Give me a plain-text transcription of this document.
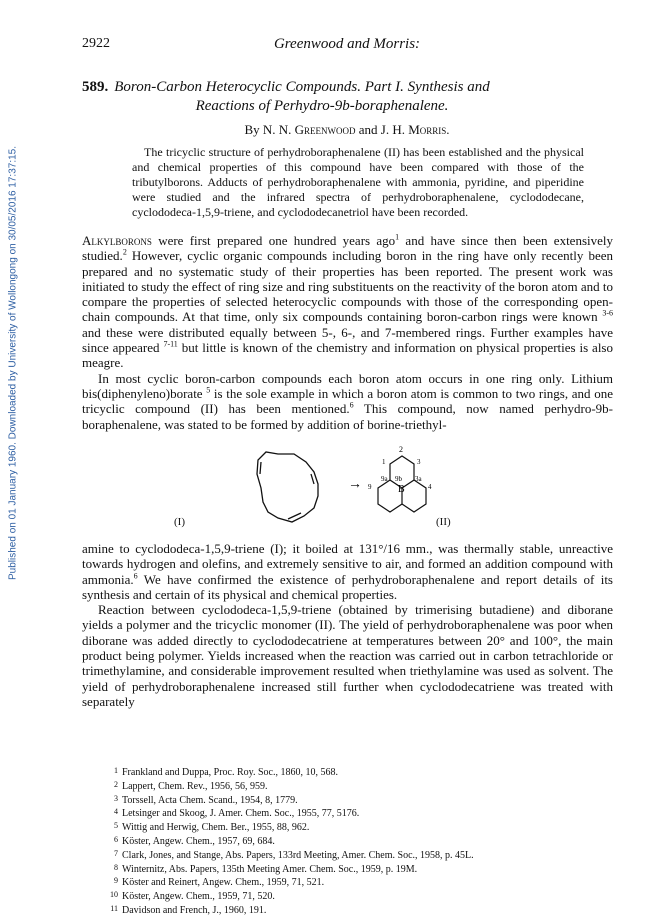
Published on 01 January 1960. Downloaded by University of Wollongong on 30/05/2016 17:37:15.
2922	Greenwood and Morris:
589. Boron-Carbon Heterocyclic Compounds. Part I. Synthesis and
Reactions of Perhydro-9b-boraphenalene.
By N. N. Greenwood and J. H. Morris.

The tricyclic structure of perhydroboraphenalene (II) has been established and the physical and chemical properties of this compound have been compared with those of the tributylborons. Adducts of perhydroboraphenalene with ammonia, pyridine, and piperidine were studied and the infrared spectra of perhydroboraphenalene, cyclododecane, cyclododeca-1,5,9-triene, and cyclododecanetriol have been recorded.

Alkylborons were first prepared one hundred years ago$^1$ and have since then been extensively studied.$^2$ However, cyclic organic compounds including boron in the ring have only recently been prepared and no systematic study of their properties has been reported. The present work was initiated to study the effect of ring size and ring substituents on the reactivity of the boron atom and to compare the properties of selected heterocyclic compounds with those of the corresponding open-chain compounds. At that time, only six compounds containing boron-carbon rings were known $^{3-6}$ and these were distributed equally between 5-, 6-, and 7-membered rings. Further examples have since appeared $^{7-11}$ but little is known of the chemistry and information on physical properties is also meagre.

In most cyclic boron-carbon compounds each boron atom occurs in one ring only. Lithium bis(diphenyleno)borate $^5$ is the sole example in which a boron atom is common to two rings, and one tricyclic compound (II) has been mentioned.$^6$ This compound, now named perhydro-9b-boraphenalene, was stated to be formed by addition of borine-triethyl-

→
2
1	3
9a 9b 3a
9	B	4
(I)	(II)

amine to cyclododeca-1,5,9-triene (I); it boiled at 131°/16 mm., was thermally stable, unreactive towards hydrogen and olefins, and extremely sensitive to air, and formed an addition compound with ammonia.$^6$ We have confirmed the existence of perhydroboraphenalene and report details of its synthesis and certain of its physical and chemical properties.

Reaction between cyclododeca-1,5,9-triene (obtained by trimerising butadiene) and diborane yields a polymer and the tricyclic monomer (II). The yield of perhydroboraphenalene was poor when diborane was added directly to cyclododecatriene at temperatures between 20° and 100°, the main product being polymer. Yields increased when the reaction was carried out in carbon tetrachloride or trimethylamine, and considerable improvement resulted when triethylamine was used as solvent. The yield of perhydroboraphenalene increased still further when cyclododecatriene was treated with separately

1 Frankland and Duppa, Proc. Roy. Soc., 1860, 10, 568.
2 Lappert, Chem. Rev., 1956, 56, 959.
3 Torssell, Acta Chem. Scand., 1954, 8, 1779.
4 Letsinger and Skoog, J. Amer. Chem. Soc., 1955, 77, 5176.
5 Wittig and Herwig, Chem. Ber., 1955, 88, 962.
6 Köster, Angew. Chem., 1957, 69, 684.
7 Clark, Jones, and Stange, Abs. Papers, 133rd Meeting, Amer. Chem. Soc., 1958, p. 45L.
8 Winternitz, Abs. Papers, 135th Meeting Amer. Chem. Soc., 1959, p. 19M.
9 Köster and Reinert, Angew. Chem., 1959, 71, 521.
10 Köster, Angew. Chem., 1959, 71, 520.
11 Davidson and French, J., 1960, 191.
